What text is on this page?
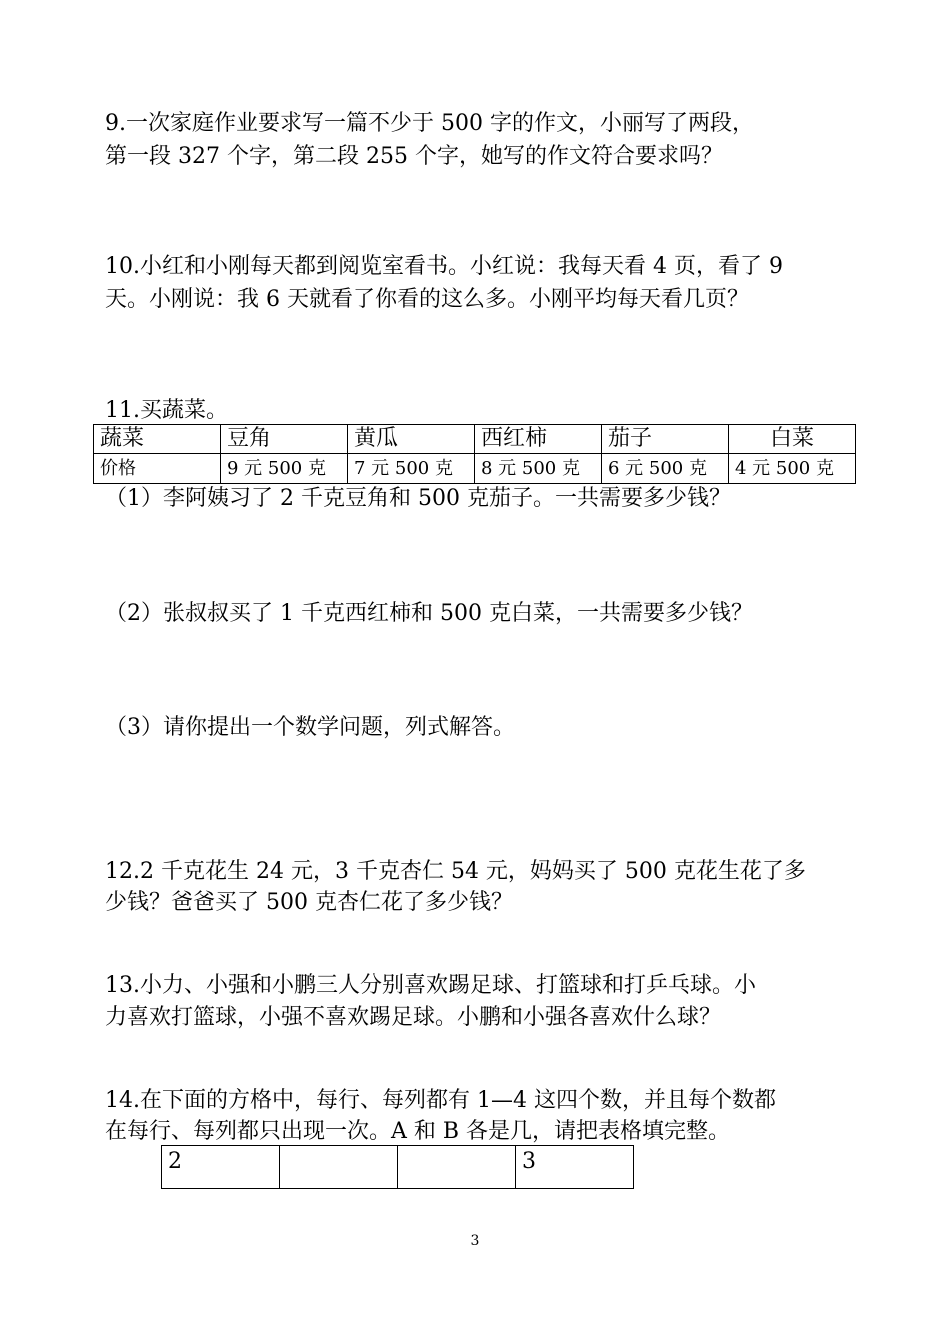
9.一次家庭作业要求写一篇不少于 500 字的作文，小丽写了两段，

第一段 327 个字，第二段 255 个字，她写的作文符合要求吗？

10.小红和小刚每天都到阅览室看书。小红说：我每天看 4 页，看了 9

天。小刚说：我 6 天就看了你看的这么多。小刚平均每天看几页？

11.买蔬菜。

蔬菜	豆角	黄瓜	西红柿	茄子	白菜
价格	9 元 500 克	7 元 500 克	8 元 500 克	6 元 500 克	4 元 500 克

（1）李阿姨习了 2 千克豆角和 500 克茄子。一共需要多少钱？

（2）张叔叔买了 1 千克西红柿和 500 克白菜，一共需要多少钱？

（3）请你提出一个数学问题，列式解答。

12.2 千克花生 24 元，3 千克杏仁 54 元，妈妈买了 500 克花生花了多

少钱？爸爸买了 500 克杏仁花了多少钱？

13.小力、小强和小鹏三人分别喜欢踢足球、打篮球和打乒乓球。小

力喜欢打篮球，小强不喜欢踢足球。小鹏和小强各喜欢什么球？

14.在下面的方格中，每行、每列都有 1—4 这四个数，并且每个数都

在每行、每列都只出现一次。A 和 B 各是几，请把表格填完整。

2			3
3
